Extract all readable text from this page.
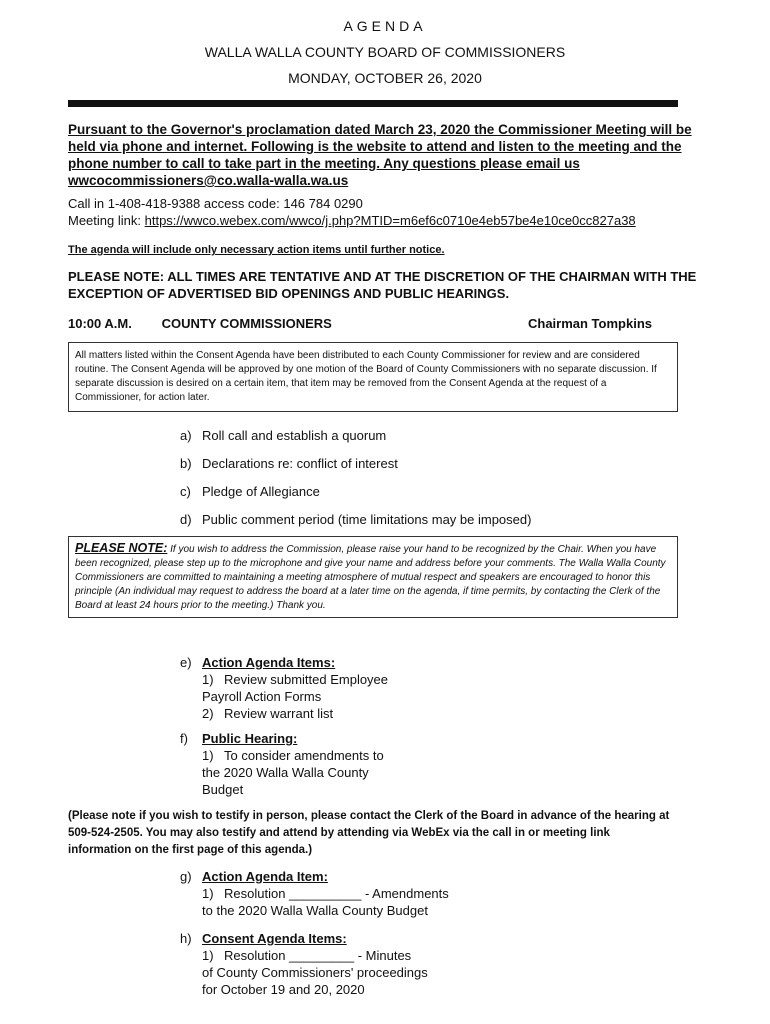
AGENDA
WALLA WALLA COUNTY BOARD OF COMMISSIONERS
MONDAY, OCTOBER 26, 2020
Pursuant to the Governor's proclamation dated March 23, 2020 the Commissioner Meeting will be held via phone and internet. Following is the website to attend and listen to the meeting and the phone number to call to take part in the meeting. Any questions please email us wwcocommissioners@co.walla-walla.wa.us
Call in 1-408-418-9388 access code: 146 784 0290
Meeting link: https://wwco.webex.com/wwco/j.php?MTID=m6ef6c0710e4eb57be4e10ce0cc827a38
The agenda will include only necessary action items until further notice.
PLEASE NOTE: ALL TIMES ARE TENTATIVE AND AT THE DISCRETION OF THE CHAIRMAN WITH THE EXCEPTION OF ADVERTISED BID OPENINGS AND PUBLIC HEARINGS.
10:00 A.M. COUNTY COMMISSIONERS	Chairman Tompkins
All matters listed within the Consent Agenda have been distributed to each County Commissioner for review and are considered routine. The Consent Agenda will be approved by one motion of the Board of County Commissioners with no separate discussion. If separate discussion is desired on a certain item, that item may be removed from the Consent Agenda at the request of a Commissioner, for action later.
a) Roll call and establish a quorum
b) Declarations re: conflict of interest
c) Pledge of Allegiance
d) Public comment period (time limitations may be imposed)
PLEASE NOTE: If you wish to address the Commission, please raise your hand to be recognized by the Chair. When you have been recognized, please step up to the microphone and give your name and address before your comments. The Walla Walla County Commissioners are committed to maintaining a meeting atmosphere of mutual respect and speakers are encouraged to honor this principle (An individual may request to address the board at a later time on the agenda, if time permits, by contacting the Clerk of the Board at least 24 hours prior to the meeting.) Thank you.
e) Action Agenda Items:
1) Review submitted Employee
Payroll Action Forms
2) Review warrant list
f) Public Hearing:
1) To consider amendments to
the 2020 Walla Walla County
Budget
(Please note if you wish to testify in person, please contact the Clerk of the Board in advance of the hearing at 509-524-2505. You may also testify and attend by attending via WebEx via the call in or meeting link information on the first page of this agenda.)
g) Action Agenda Item:
1) Resolution __________ - Amendments
to the 2020 Walla Walla County Budget
h) Consent Agenda Items:
1) Resolution _________ - Minutes
of County Commissioners' proceedings
for October 19 and 20, 2020
